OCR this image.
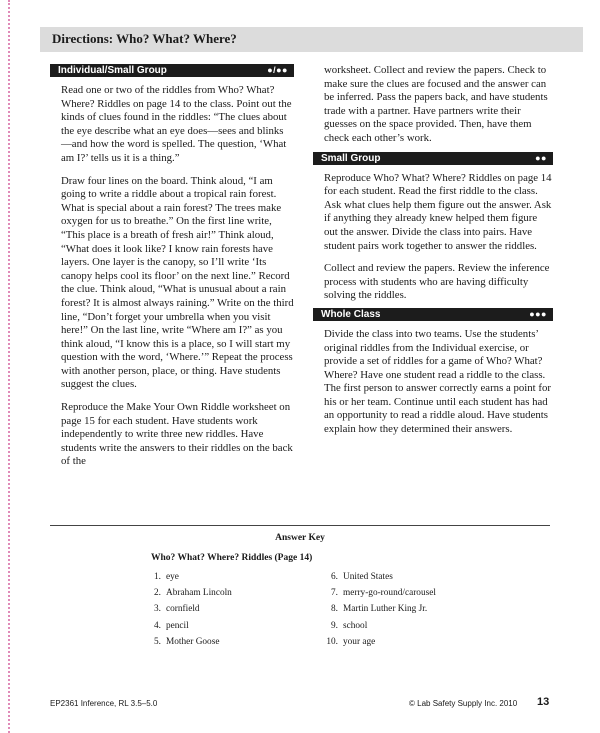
Directions: Who? What? Where?
Individual/Small Group	●/●●

Read one or two of the riddles from Who? What? Where? Riddles on page 14 to the class. Point out the kinds of clues found in the riddles: “The clues about the eye describe what an eye does—sees and blinks—and how the word is spelled. The question, ‘What am I?’ tells us it is a thing.”

Draw four lines on the board. Think aloud, “I am going to write a riddle about a tropical rain forest. What is special about a rain forest? The trees make oxygen for us to breathe.” On the first line write, “This place is a breath of fresh air!” Think aloud, “What does it look like? I know rain forests have layers. One layer is the canopy, so I’ll write ‘Its canopy helps cool its floor’ on the next line.” Record the clue. Think aloud, “What is unusual about a rain forest? It is almost always raining.” Write on the third line, “Don’t forget your umbrella when you visit here!” On the last line, write “Where am I?” as you think aloud, “I know this is a place, so I will start my question with the word, ‘Where.’” Repeat the process with another person, place, or thing. Have students suggest the clues.

Reproduce the Make Your Own Riddle worksheet on page 15 for each student. Have students work independently to write three new riddles. Have students write the answers to their riddles on the back of the

worksheet. Collect and review the papers. Check to make sure the clues are focused and the answer can be inferred. Pass the papers back, and have students trade with a partner. Have partners write their guesses on the space provided. Then, have them check each other’s work.

Small Group	●●

Reproduce Who? What? Where? Riddles on page 14 for each student. Read the first riddle to the class. Ask what clues help them figure out the answer. Ask if anything they already knew helped them figure out the answer. Divide the class into pairs. Have student pairs work together to answer the riddles.

Collect and review the papers. Review the inference process with students who are having difficulty solving the riddles.

Whole Class	●●●

Divide the class into two teams. Use the students’ original riddles from the Individual exercise, or provide a set of riddles for a game of Who? What? Where? Have one student read a riddle to the class. The first person to answer correctly earns a point for his or her team. Continue until each student has had an opportunity to read a riddle aloud. Have students explain how they determined their answers.

Answer Key
Who? What? Where? Riddles (Page 14)
1. eye
2. Abraham Lincoln
3. cornfield
4. pencil
5. Mother Goose
6. United States
7. merry-go-round/carousel
8. Martin Luther King Jr.
9. school
10. your age
EP2361 Inference, RL 3.5–5.0	© Lab Safety Supply Inc. 2010 13
